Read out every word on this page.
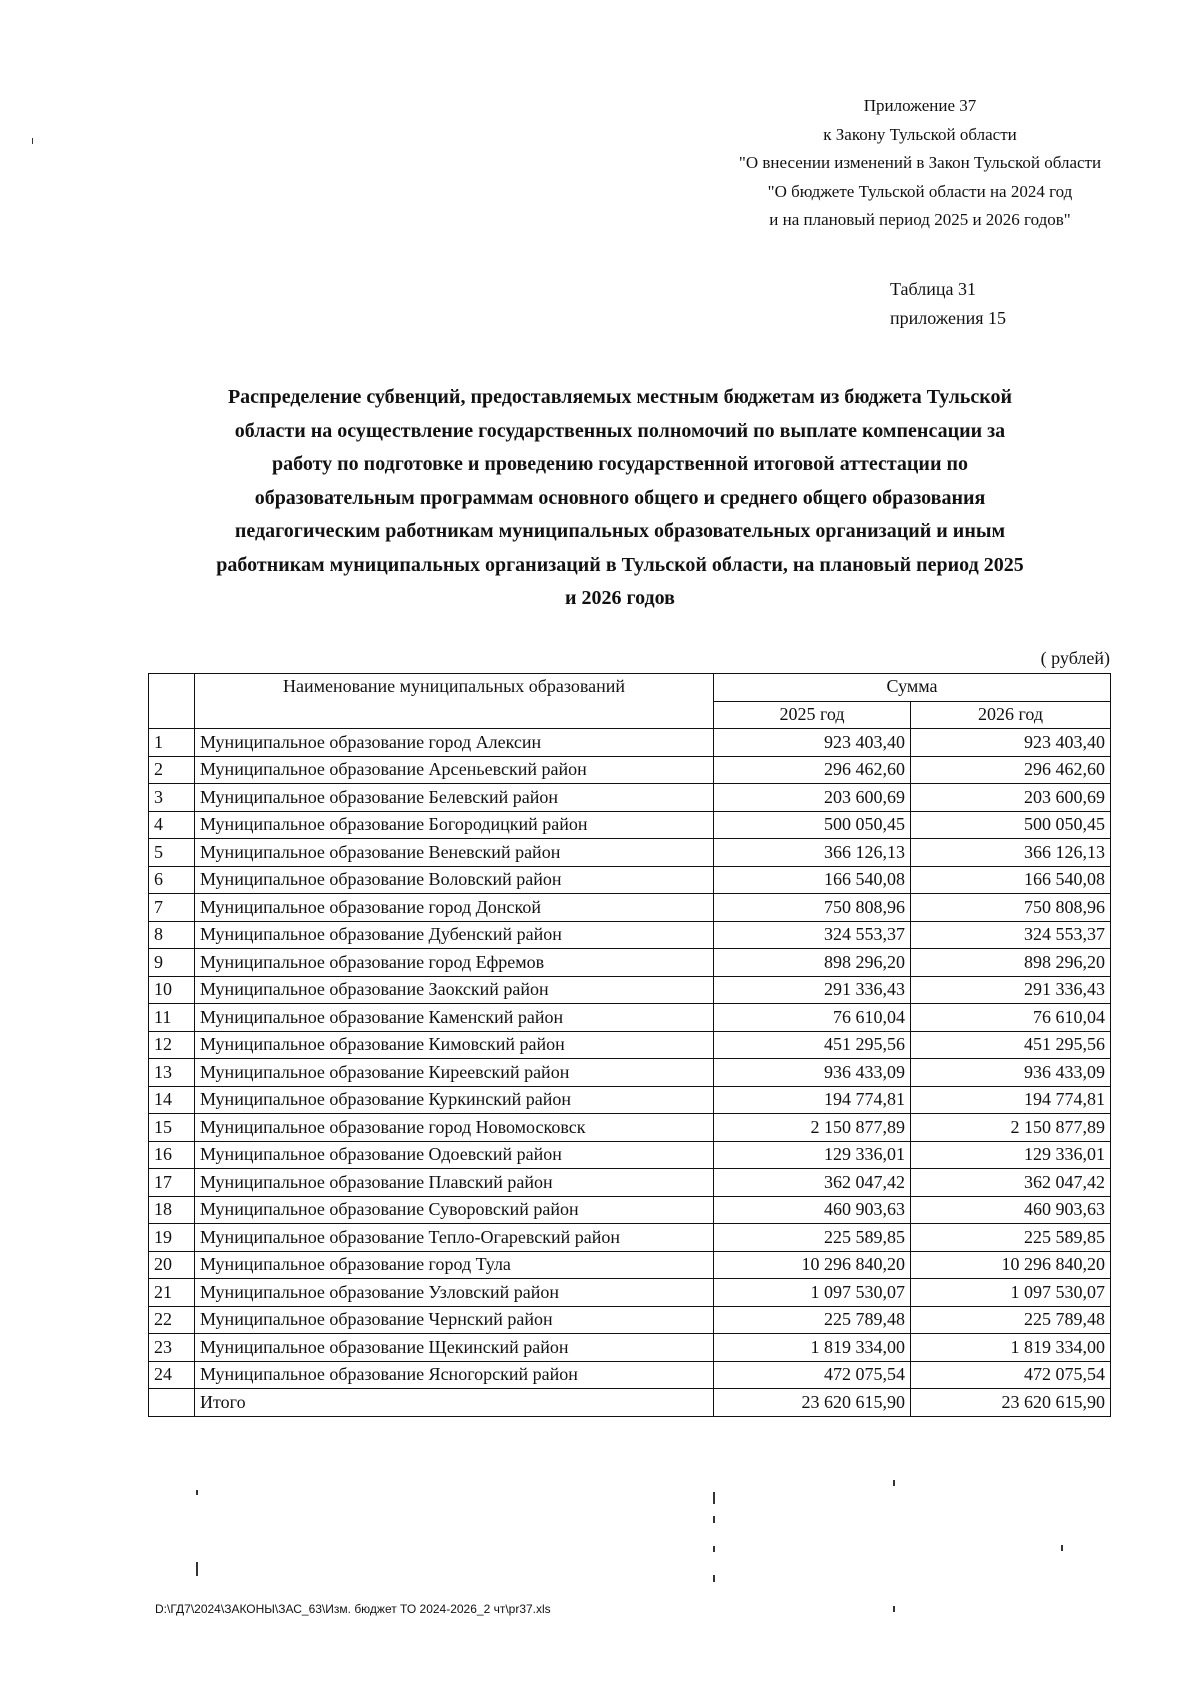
Приложение 37
к Закону Тульской области
"О внесении изменений в Закон Тульской области
"О бюджете Тульской области на 2024 год
и на плановый период 2025 и 2026 годов"
Таблица 31
приложения 15
Распределение субвенций, предоставляемых местным бюджетам из бюджета Тульской
области на осуществление государственных полномочий по выплате компенсации за
работу по подготовке и проведению государственной итоговой аттестации по
образовательным программам основного общего и среднего общего образования
педагогическим работникам муниципальных образовательных организаций и иным
работникам муниципальных организаций в Тульской области, на плановый период 2025
и 2026 годов
( рублей)
	Наименование муниципальных образований	Сумма	
		2025 год	2026 год
1	Муниципальное образование город Алексин	923 403,40	923 403,40
2	Муниципальное образование Арсеньевский район	296 462,60	296 462,60
3	Муниципальное образование Белевский район	203 600,69	203 600,69
4	Муниципальное образование Богородицкий район	500 050,45	500 050,45
5	Муниципальное образование Веневский район	366 126,13	366 126,13
6	Муниципальное образование Воловский район	166 540,08	166 540,08
7	Муниципальное образование город Донской	750 808,96	750 808,96
8	Муниципальное образование Дубенский район	324 553,37	324 553,37
9	Муниципальное образование город Ефремов	898 296,20	898 296,20
10	Муниципальное образование Заокский район	291 336,43	291 336,43
11	Муниципальное образование Каменский район	76 610,04	76 610,04
12	Муниципальное образование Кимовский район	451 295,56	451 295,56
13	Муниципальное образование Киреевский район	936 433,09	936 433,09
14	Муниципальное образование Куркинский район	194 774,81	194 774,81
15	Муниципальное образование город Новомосковск	2 150 877,89	2 150 877,89
16	Муниципальное образование Одоевский район	129 336,01	129 336,01
17	Муниципальное образование Плавский район	362 047,42	362 047,42
18	Муниципальное образование Суворовский район	460 903,63	460 903,63
19	Муниципальное образование Тепло-Огаревский район	225 589,85	225 589,85
20	Муниципальное образование город Тула	10 296 840,20	10 296 840,20
21	Муниципальное образование Узловский район	1 097 530,07	1 097 530,07
22	Муниципальное образование Чернский район	225 789,48	225 789,48
23	Муниципальное образование Щекинский район	1 819 334,00	1 819 334,00
24	Муниципальное образование Ясногорский район	472 075,54	472 075,54
	Итого	23 620 615,90	23 620 615,90
D:\ГД7\2024\ЗАКОНЫ\ЗАС_63\Изм. бюджет ТО 2024-2026_2 чт\pr37.xls
